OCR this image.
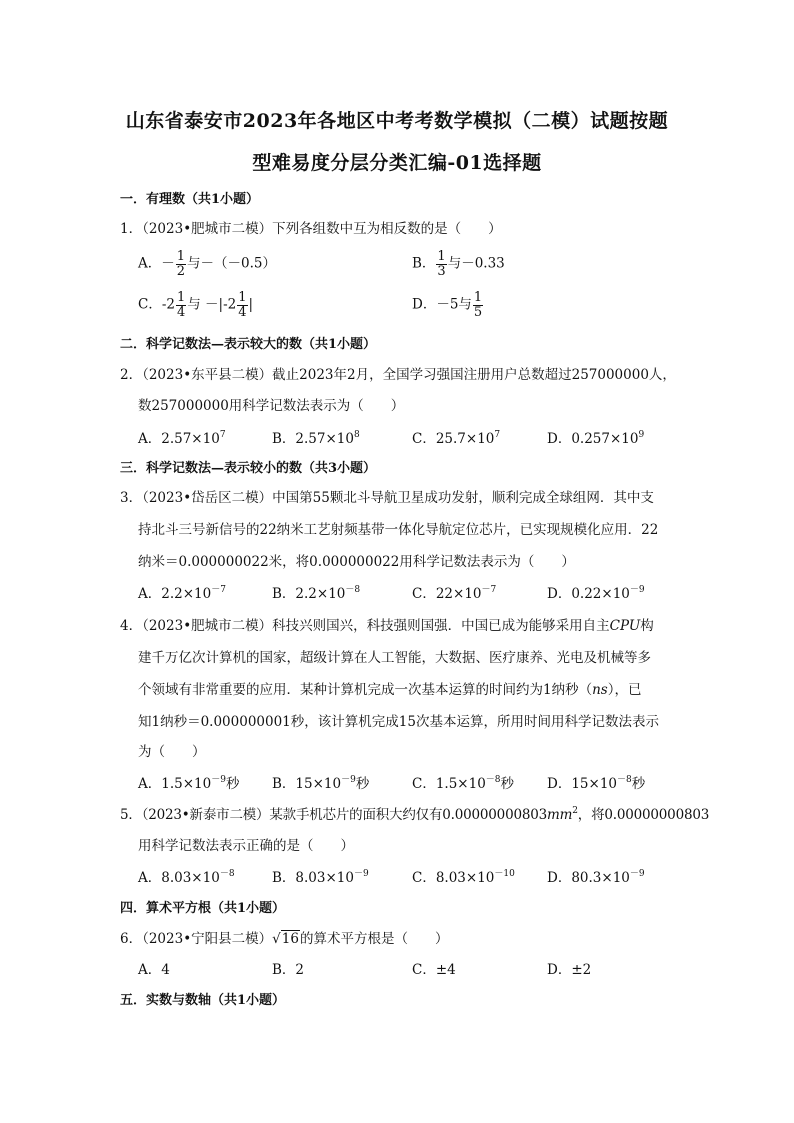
山东省泰安市2023年各地区中考考数学模拟（二模）试题按题
型难易度分层分类汇编-01选择题
一．有理数（共1小题）
1．（2023•肥城市二模）下列各组数中互为相反数的是（　　）
A．－ $\frac{1}{2}$ 与－（－0.5）	B． $\frac{1}{3}$ 与－0.33
C．$-2 \frac{1}{4}$ 与 $-|-2 \frac{1}{4}$ |	D．－5与 $\frac{1}{5}$
二．科学记数法—表示较大的数（共1小题）
2．（2023•东平县二模）截止2023年2月，全国学习强国注册用户总数超过257000000人，
数257000000用科学记数法表示为（　　）
A．$2.57\times 10^7$	B．$2.57\times 10^8$	C．$25.7\times 10^7$	D．$0.257\times 10^9$
三．科学记数法—表示较小的数（共3小题）
3．（2023•岱岳区二模）中国第55颗北斗导航卫星成功发射，顺利完成全球组网．其中支
持北斗三号新信号的22纳米工艺射频基带一体化导航定位芯片，已实现规模化应用．22
纳米＝0.000000022米，将0.000000022用科学记数法表示为（　　）
A．$2.2\times 10^{-7}$	B．$2.2\times 10^{-8}$	C．$22\times 10^{-7}$	D．$0.22\times 10^{-9}$
4．（2023•肥城市二模）科技兴则国兴，科技强则国强．中国已成为能够采用自主CPU构
建千万亿次计算机的国家，超级计算在人工智能，大数据、医疗康养、光电及机械等多
个领域有非常重要的应用．某种计算机完成一次基本运算的时间约为1纳秒（ns），已
知1纳秒＝0.000000001秒，该计算机完成15次基本运算，所用时间用科学记数法表示
为（　　）
A．$1.5\times 10^{-9}$秒 B．$15\times 10^{-9}$秒	C．$1.5\times 10^{-8}$秒 D．$15\times 10^{-8}$秒
5．（2023•新泰市二模）某款手机芯片的面积大约仅有$0.00000000803mm^2$，将0.00000000803
用科学记数法表示正确的是（　　）
A．$8.03\times 10^{-8}$	B．$8.03\times 10^{-9}$	C．$8.03\times 10^{-10}$ D．$80.3\times 10^{-9}$
四．算术平方根（共1小题）
6．（2023•宁阳县二模）√16的算术平方根是（　　）
A．4	B．2	C．±4	D．±2
五．实数与数轴（共1小题）
